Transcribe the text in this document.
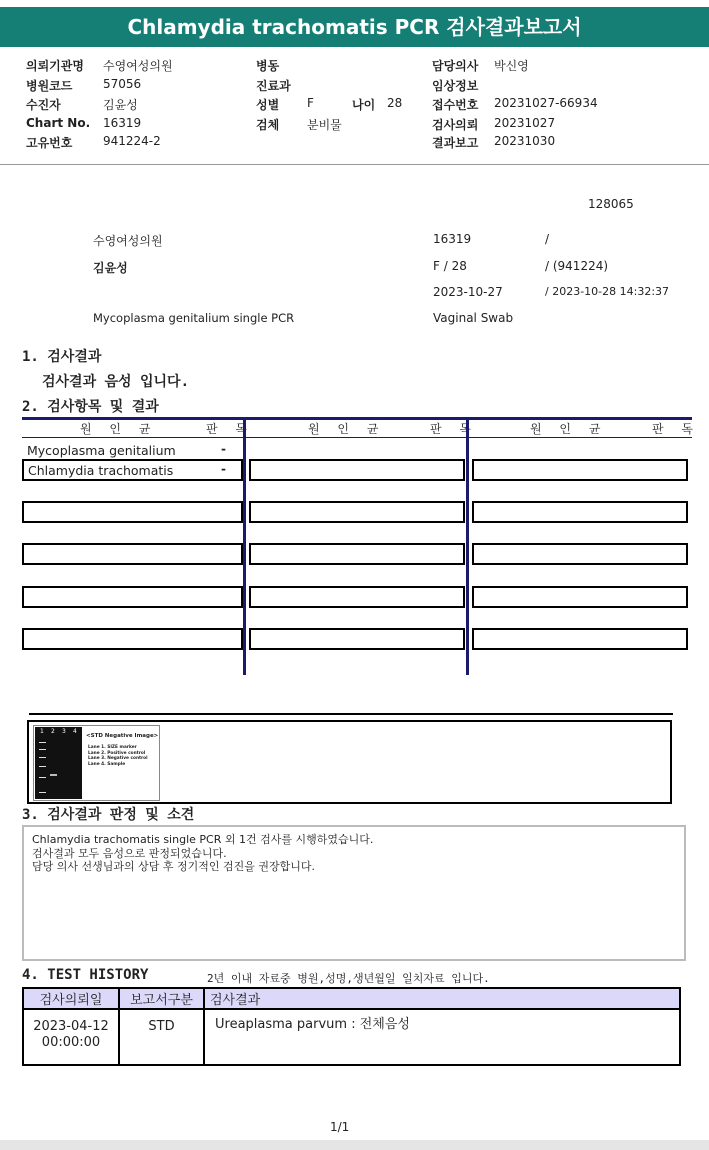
Chlamydia trachomatis PCR 검사결과보고서
의뢰기관명 수영여성의원
병원코드	57056
수진자	김윤성
Chart No. 16319
고유번호	941224-2
병동
진료과
성별 F	나이 28
검체 분비물
담당의사 박신영
임상정보
접수번호 20231027-66934
검사의뢰 20231027
결과보고 20231030
128065
수영여성의원	16319	/
김윤성	F / 28	/ (941224)
2023-10-27	/ 2023-10-28 14:32:37
Mycoplasma genitalium single PCR	Vaginal Swab
1. 검사결과
검사결과 음성 입니다.
2. 검사항목 및 결과
원 인 균	판 독	원 인 균	판 독	원 인 균	판 독
Mycoplasma genitalium	-
Chlamydia trachomatis	-
1 2 3 4
<STD Negative Image>
Lane 1. SIZE marker
Lane 2. Positive control
Lane 3. Negative control
Lane 4. Sample
3. 검사결과 판정 및 소견
Chlamydia trachomatis single PCR 외 1건 검사를 시행하였습니다.
검사결과 모두 음성으로 판정되었습니다.
담당 의사 선생님과의 상담 후 정기적인 검진을 권장합니다.
4. TEST HISTORY	2년 이내 자료중 병원,성명,생년월일 일치자료 입니다.
검사의뢰일	보고서구분	검사결과

2023-04-12
00:00:00	STD	Ureaplasma parvum : 전체음성
1/1
